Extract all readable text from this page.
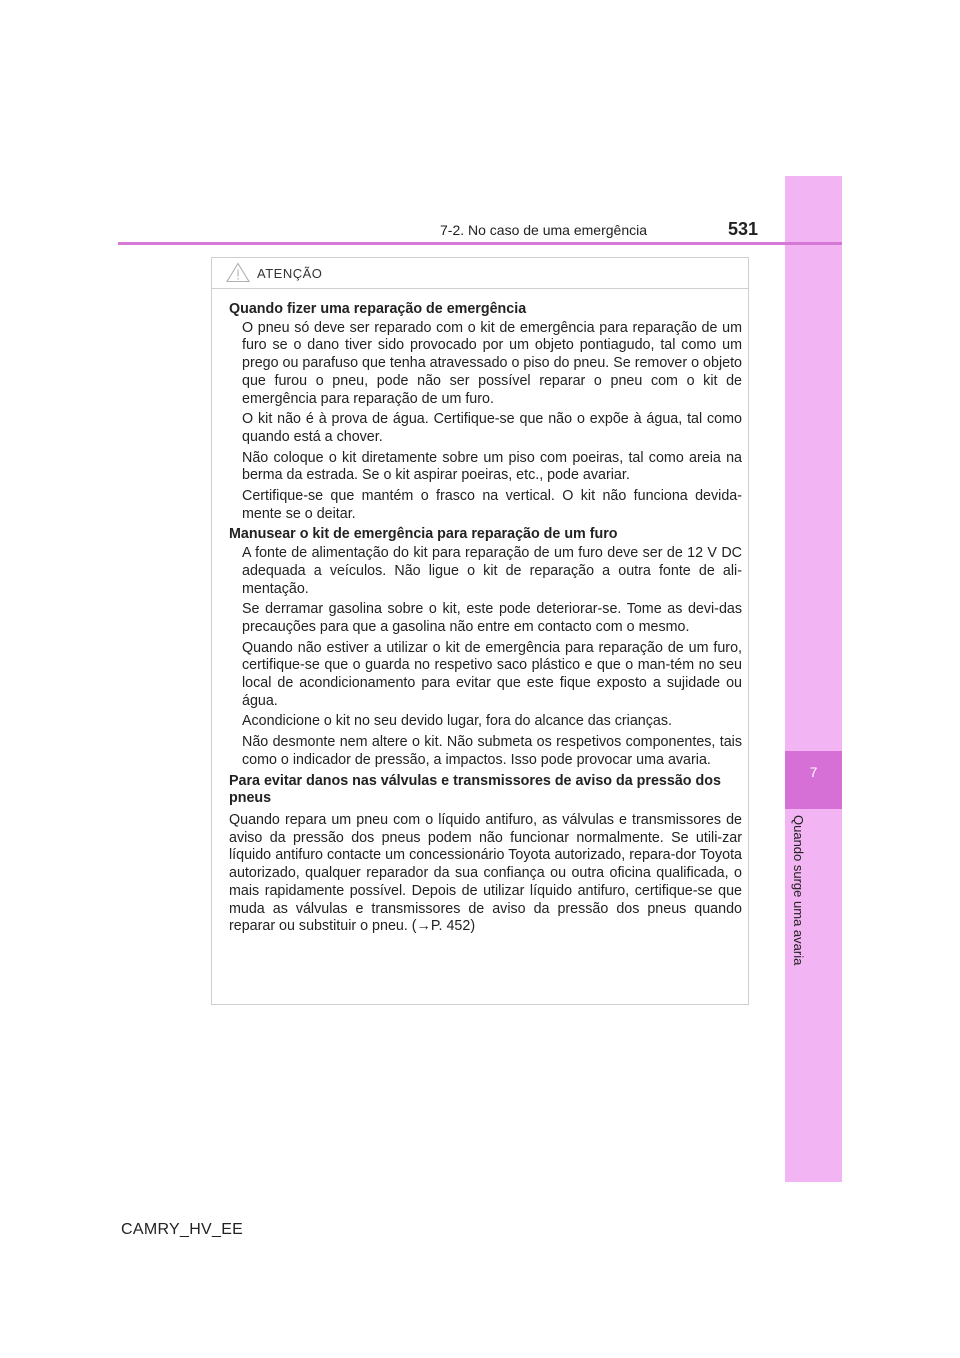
7
Quando surge uma avaria
7-2. No caso de uma emergência	531
ATENÇÃO

Quando fizer uma reparação de emergência

O pneu só deve ser reparado com o kit de emergência para reparação de um furo se o dano tiver sido provocado por um objeto pontiagudo, tal como um prego ou parafuso que tenha atravessado o piso do pneu. Se remover o objeto que furou o pneu, pode não ser possível reparar o pneu com o kit de emergência para reparação de um furo.

O kit não é à prova de água. Certifique-se que não o expõe à água, tal como quando está a chover.

Não coloque o kit diretamente sobre um piso com poeiras, tal como areia na berma da estrada. Se o kit aspirar poeiras, etc., pode avariar.

Certifique-se que mantém o frasco na vertical. O kit não funciona devida-mente se o deitar.

Manusear o kit de emergência para reparação de um furo

A fonte de alimentação do kit para reparação de um furo deve ser de 12 V DC adequada a veículos. Não ligue o kit de reparação a outra fonte de ali-mentação.

Se derramar gasolina sobre o kit, este pode deteriorar-se. Tome as devi-das precauções para que a gasolina não entre em contacto com o mesmo.

Quando não estiver a utilizar o kit de emergência para reparação de um furo, certifique-se que o guarda no respetivo saco plástico e que o man-tém no seu local de acondicionamento para evitar que este fique exposto a sujidade ou água.

Acondicione o kit no seu devido lugar, fora do alcance das crianças.

Não desmonte nem altere o kit. Não submeta os respetivos componentes, tais como o indicador de pressão, a impactos. Isso pode provocar uma avaria.

Para evitar danos nas válvulas e transmissores de aviso da pressão dos pneus

Quando repara um pneu com o líquido antifuro, as válvulas e transmissores de aviso da pressão dos pneus podem não funcionar normalmente. Se utili-zar líquido antifuro contacte um concessionário Toyota autorizado, repara-dor Toyota autorizado, qualquer reparador da sua confiança ou outra oficina qualificada, o mais rapidamente possível. Depois de utilizar líquido antifuro, certifique-se que muda as válvulas e transmissores de aviso da pressão dos pneus quando reparar ou substituir o pneu. (→P. 452)

CAMRY_HV_EE
